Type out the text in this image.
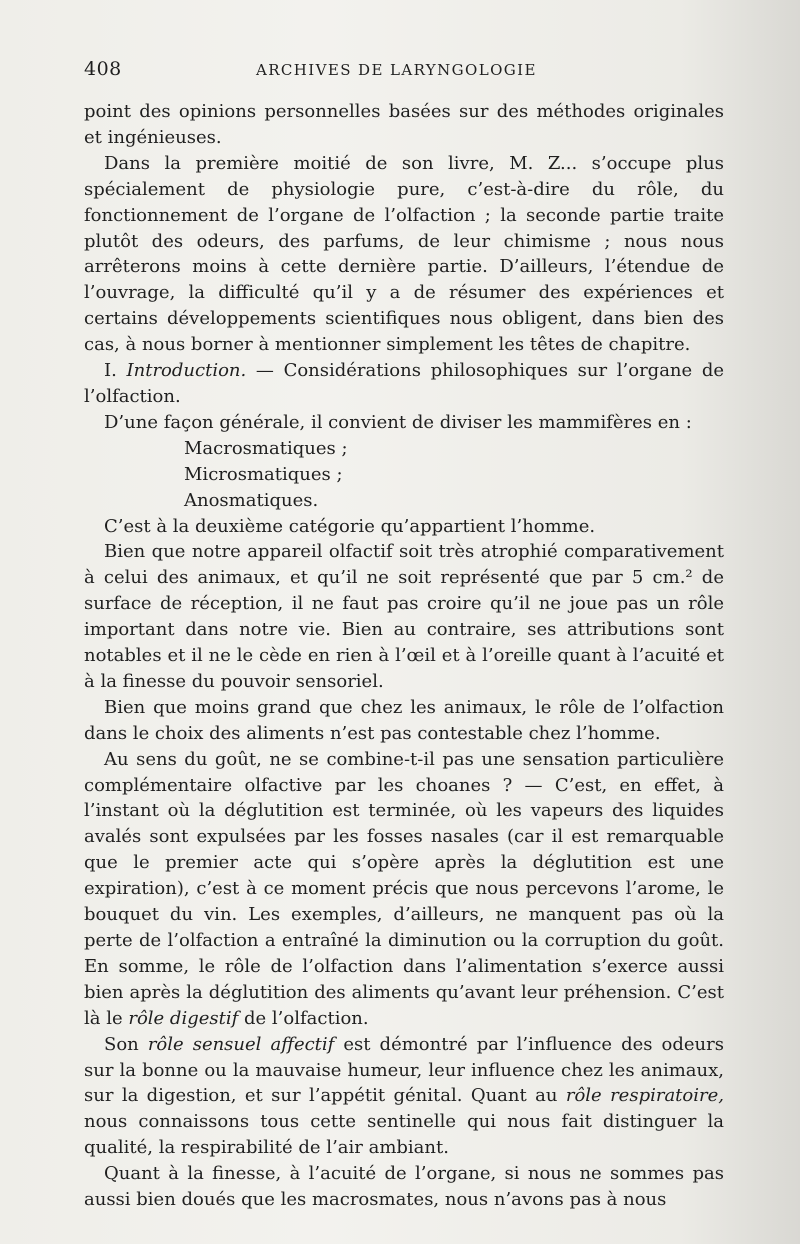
408	ARCHIVES DE LARYNGOLOGIE

point des opinions personnelles basées sur des méthodes originales et ingénieuses.

Dans la première moitié de son livre, M. Z... s’occupe plus spécialement de physiologie pure, c’est-à-dire du rôle, du fonctionnement de l’organe de l’olfaction ; la seconde partie traite plutôt des odeurs, des parfums, de leur chimisme ; nous nous arrêterons moins à cette dernière partie. D’ailleurs, l’étendue de l’ouvrage, la difficulté qu’il y a de résumer des expériences et certains développements scientifiques nous obligent, dans bien des cas, à nous borner à mentionner simplement les têtes de chapitre.

I. Introduction. — Considérations philosophiques sur l’organe de l’olfaction.

D’une façon générale, il convient de diviser les mammifères en :

Macrosmatiques ;
Microsmatiques ;
Anosmatiques.

C’est à la deuxième catégorie qu’appartient l’homme.

Bien que notre appareil olfactif soit très atrophié comparativement à celui des animaux, et qu’il ne soit représenté que par 5 cm.² de surface de réception, il ne faut pas croire qu’il ne joue pas un rôle important dans notre vie. Bien au contraire, ses attributions sont notables et il ne le cède en rien à l’œil et à l’oreille quant à l’acuité et à la finesse du pouvoir sensoriel.

Bien que moins grand que chez les animaux, le rôle de l’olfaction dans le choix des aliments n’est pas contestable chez l’homme.

Au sens du goût, ne se combine-t-il pas une sensation particulière complémentaire olfactive par les choanes ? — C’est, en effet, à l’instant où la déglutition est terminée, où les vapeurs des liquides avalés sont expulsées par les fosses nasales (car il est remarquable que le premier acte qui s’opère après la déglutition est une expiration), c’est à ce moment précis que nous percevons l’arome, le bouquet du vin. Les exemples, d’ailleurs, ne manquent pas où la perte de l’olfaction a entraîné la diminution ou la corruption du goût. En somme, le rôle de l’olfaction dans l’alimentation s’exerce aussi bien après la déglutition des aliments qu’avant leur préhension. C’est là le rôle digestif de l’olfaction.

Son rôle sensuel affectif est démontré par l’influence des odeurs sur la bonne ou la mauvaise humeur, leur influence chez les animaux, sur la digestion, et sur l’appétit génital. Quant au rôle respiratoire, nous connaissons tous cette sentinelle qui nous fait distinguer la qualité, la respirabilité de l’air ambiant.

Quant à la finesse, à l’acuité de l’organe, si nous ne sommes pas aussi bien doués que les macrosmates, nous n’avons pas à nous
